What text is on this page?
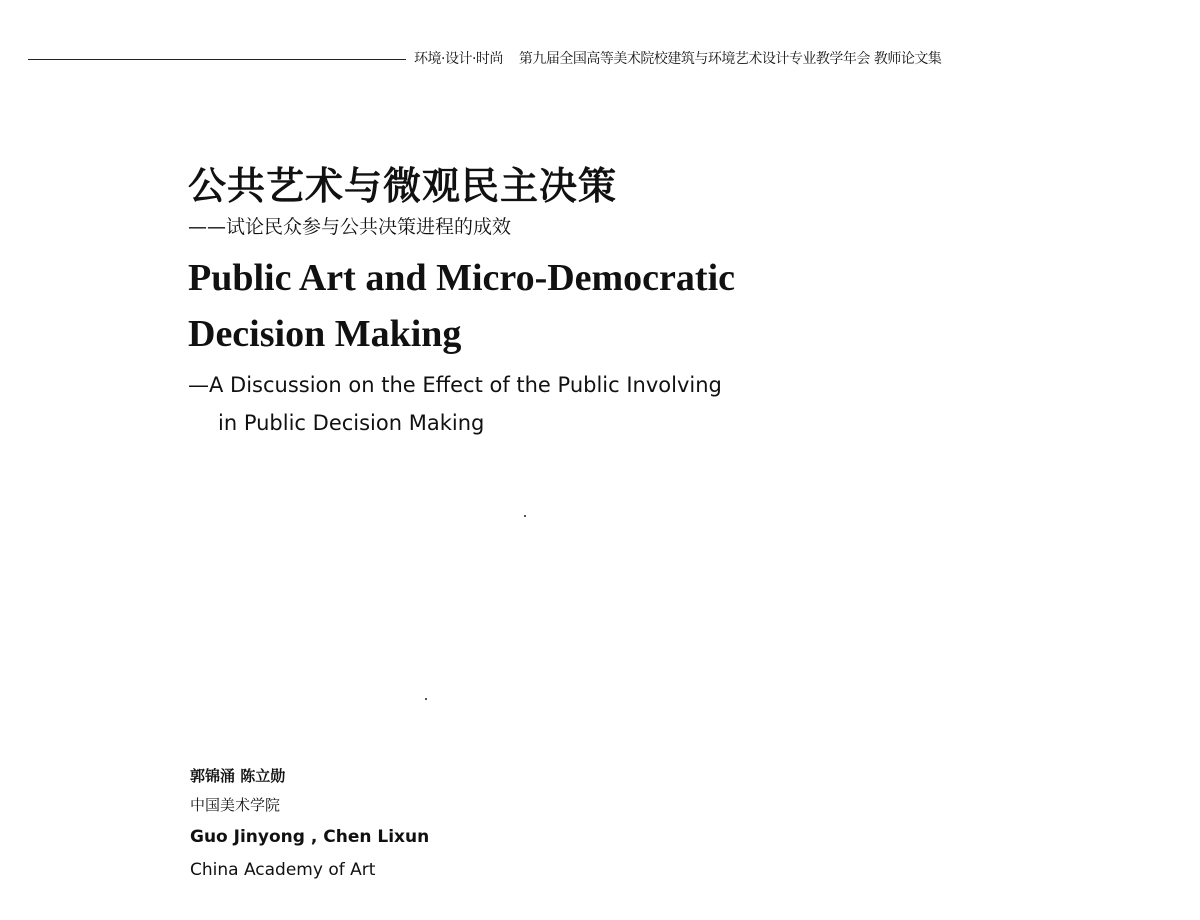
环境·设计·时尚 第九届全国高等美术院校建筑与环境艺术设计专业教学年会 教师论文集
公共艺术与微观民主决策

——试论民众参与公共决策进程的成效

Public Art and Micro-Democratic
Decision Making

—A Discussion on the Effect of the Public Involving
in Public Decision Making

郭锦涌 陈立勋
中国美术学院
Guo Jinyong , Chen Lixun
China Academy of Art
